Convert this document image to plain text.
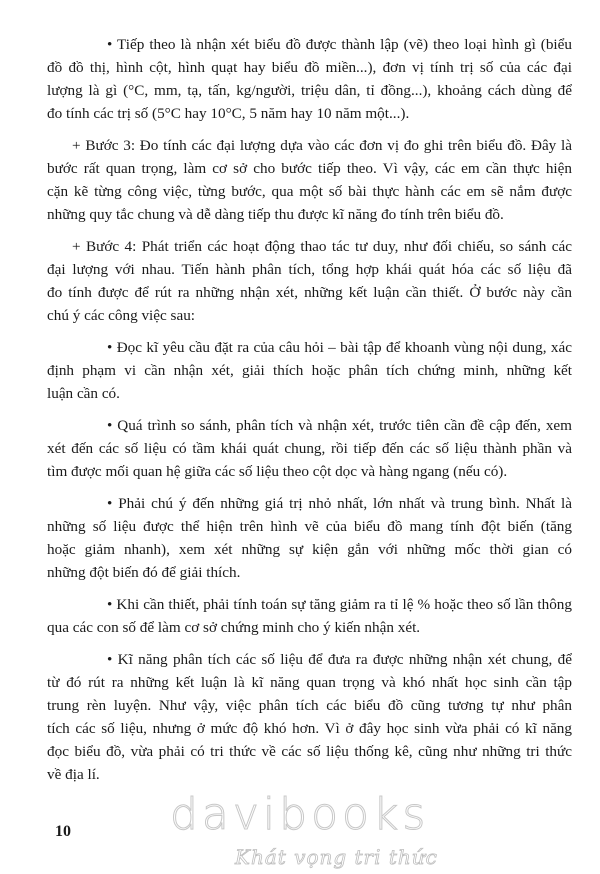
• Tiếp theo là nhận xét biểu đồ được thành lập (vẽ) theo loại hình gì (biểu
đồ đồ thị, hình cột, hình quạt hay biểu đồ miền...), đơn vị tính trị số của các đại
lượng là gì (°C, mm, tạ, tấn, kg/người, triệu dân, tỉ đồng...), khoảng cách dùng để
đo tính các trị số (5°C hay 10°C, 5 năm hay 10 năm một...).
+ Bước 3: Đo tính các đại lượng dựa vào các đơn vị đo ghi trên biểu đồ. Đây là
bước rất quan trọng, làm cơ sở cho bước tiếp theo. Vì vậy, các em cần thực hiện
cặn kẽ từng công việc, từng bước, qua một số bài thực hành các em sẽ nắm được
những quy tắc chung và dễ dàng tiếp thu được kĩ năng đo tính trên biểu đồ.
+ Bước 4: Phát triển các hoạt động thao tác tư duy, như đối chiếu, so sánh các
đại lượng với nhau. Tiến hành phân tích, tổng hợp khái quát hóa các số liệu đã
đo tính được để rút ra những nhận xét, những kết luận cần thiết. Ở bước này cần
chú ý các công việc sau:
• Đọc kĩ yêu cầu đặt ra của câu hỏi – bài tập để khoanh vùng nội dung, xác
định phạm vi cần nhận xét, giải thích hoặc phân tích chứng minh, những kết
luận cần có.
• Quá trình so sánh, phân tích và nhận xét, trước tiên cần đề cập đến, xem
xét đến các số liệu có tầm khái quát chung, rồi tiếp đến các số liệu thành phần và
tìm được mối quan hệ giữa các số liệu theo cột dọc và hàng ngang (nếu có).
• Phải chú ý đến những giá trị nhỏ nhất, lớn nhất và trung bình. Nhất là
những số liệu được thể hiện trên hình vẽ của biểu đồ mang tính đột biến (tăng
hoặc giảm nhanh), xem xét những sự kiện gắn với những mốc thời gian có
những đột biến đó để giải thích.
• Khi cần thiết, phải tính toán sự tăng giảm ra tỉ lệ % hoặc theo số lần thông
qua các con số để làm cơ sở chứng minh cho ý kiến nhận xét.
• Kĩ năng phân tích các số liệu để đưa ra được những nhận xét chung, để
từ đó rút ra những kết luận là kĩ năng quan trọng và khó nhất học sinh cần tập
trung rèn luyện. Như vậy, việc phân tích các biểu đồ cũng tương tự như phân
tích các số liệu, nhưng ở mức độ khó hơn. Vì ở đây học sinh vừa phải có kĩ năng
đọc biểu đồ, vừa phải có tri thức về các số liệu thống kê, cũng như những tri thức
về địa lí.
davibooks
Khát vọng tri thức
10
